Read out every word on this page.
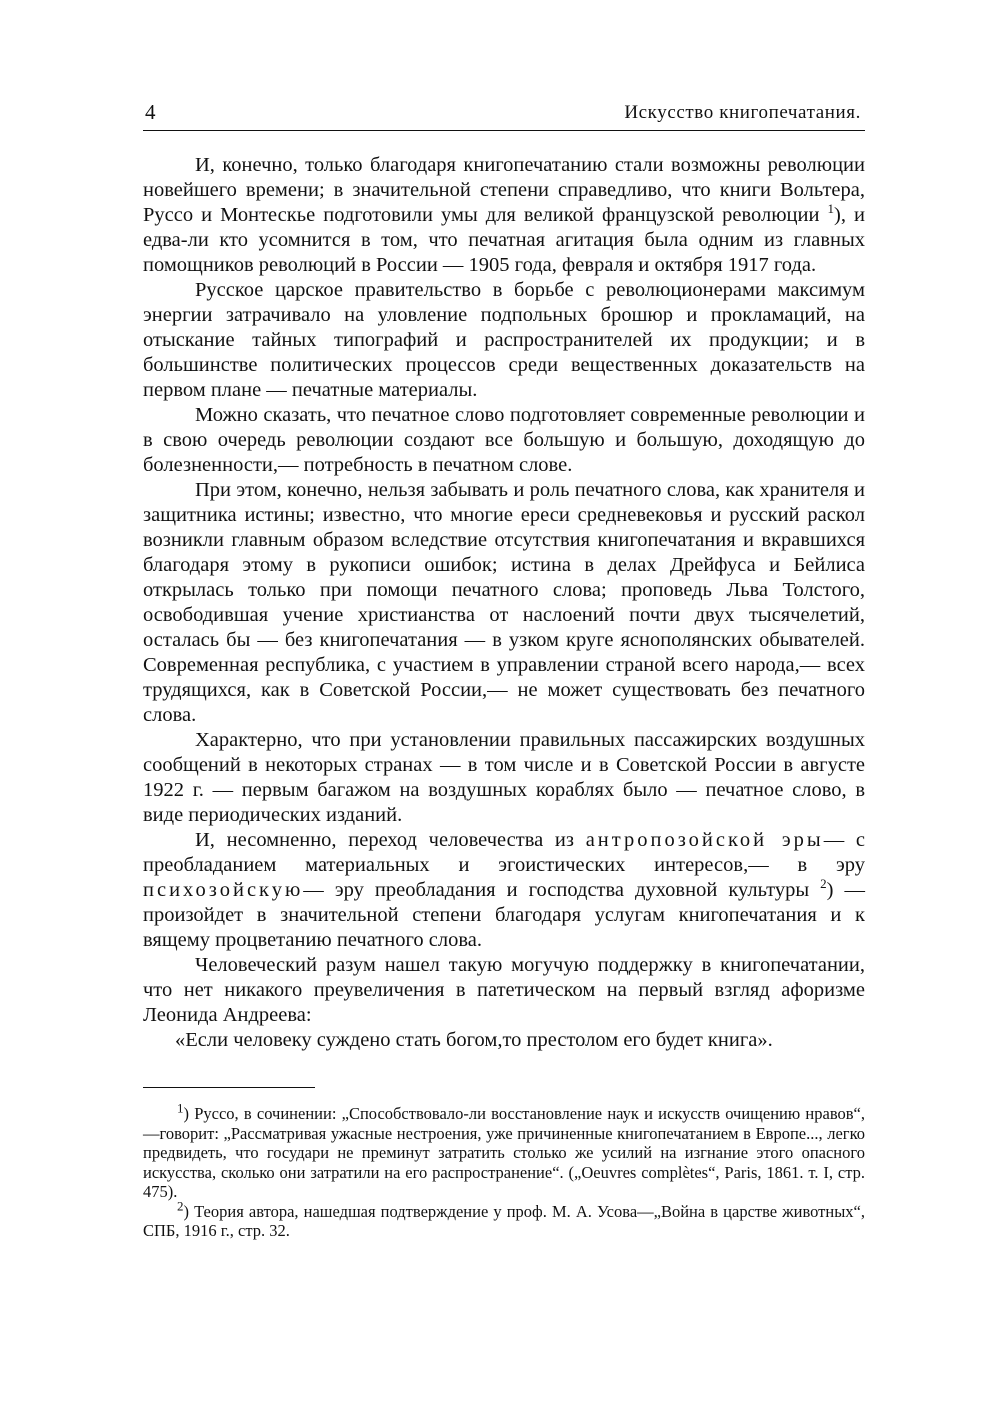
4	Искусство книгопечатания.

И, конечно, только благодаря книгопечатанию стали возможны революции новейшего времени; в значительной степени справедливо, что книги Вольтера, Руссо и Монтескье подготовили умы для великой французской революции $^1$), и едва-ли кто усомнится в том, что печатная агитация была одним из главных помощников революций в России — 1905 года, февраля и октября 1917 года.

Русское царское правительство в борьбе с революционерами максимум энергии затрачивало на уловление подпольных брошюр и прокламаций, на отыскание тайных типографий и распространителей их продукции; и в большинстве политических процессов среди вещественных доказательств на первом плане — печатные материалы.

Можно сказать, что печатное слово подготовляет современные революции и в свою очередь революции создают все большую и большую, доходящую до болезненности,— потребность в печатном слове.

При этом, конечно, нельзя забывать и роль печатного слова, как хранителя и защитника истины; известно, что многие ереси средневековья и русский раскол возникли главным образом вследствие отсутствия книгопечатания и вкравшихся благодаря этому в рукописи ошибок; истина в делах Дрейфуса и Бейлиса открылась только при помощи печатного слова; проповедь Льва Толстого, освободившая учение христианства от наслоений почти двух тысячелетий, осталась бы — без книгопечатания — в узком круге яснополянских обывателей. Современная республика, с участием в управлении страной всего народа,— всех трудящихся, как в Советской России,— не может существовать без печатного слова.

Характерно, что при установлении правильных пассажирских воздушных сообщений в некоторых странах — в том числе и в Советской России в августе 1922 г. — первым багажом на воздушных кораблях было — печатное слово, в виде периодических изданий.

И, несомненно, переход человечества из антропозойской эры— с преобладанием материальных и эгоистических интересов,— в эру психозойскую— эру преобладания и господства духовной культуры $^2$) — произойдет в значительной степени благодаря услугам книгопечатания и к вящему процветанию печатного слова.

Человеческий разум нашел такую могучую поддержку в книгопечатании, что нет никакого преувеличения в патетическом на первый взгляд афоризме Леонида Андреева:

«Если человеку суждено стать богом,то престолом его будет книга».

$^1$) Руссо, в сочинении: „Способствовало-ли восстановление наук и искусств очищению нравов“,—говорит: „Рассматривая ужасные нестроения, уже причиненные книгопечатанием в Европе..., легко предвидеть, что государи не преминут затратить столько же усилий на изгнание этого опасного искусства, сколько они затратили на его распространение“. („Oeuvres complètes“, Paris, 1861. т. I, стр. 475).

$^2$) Теория автора, нашедшая подтверждение у проф. М. А. Усова—„Война в царстве животных“, СПБ, 1916 г., стр. 32.
